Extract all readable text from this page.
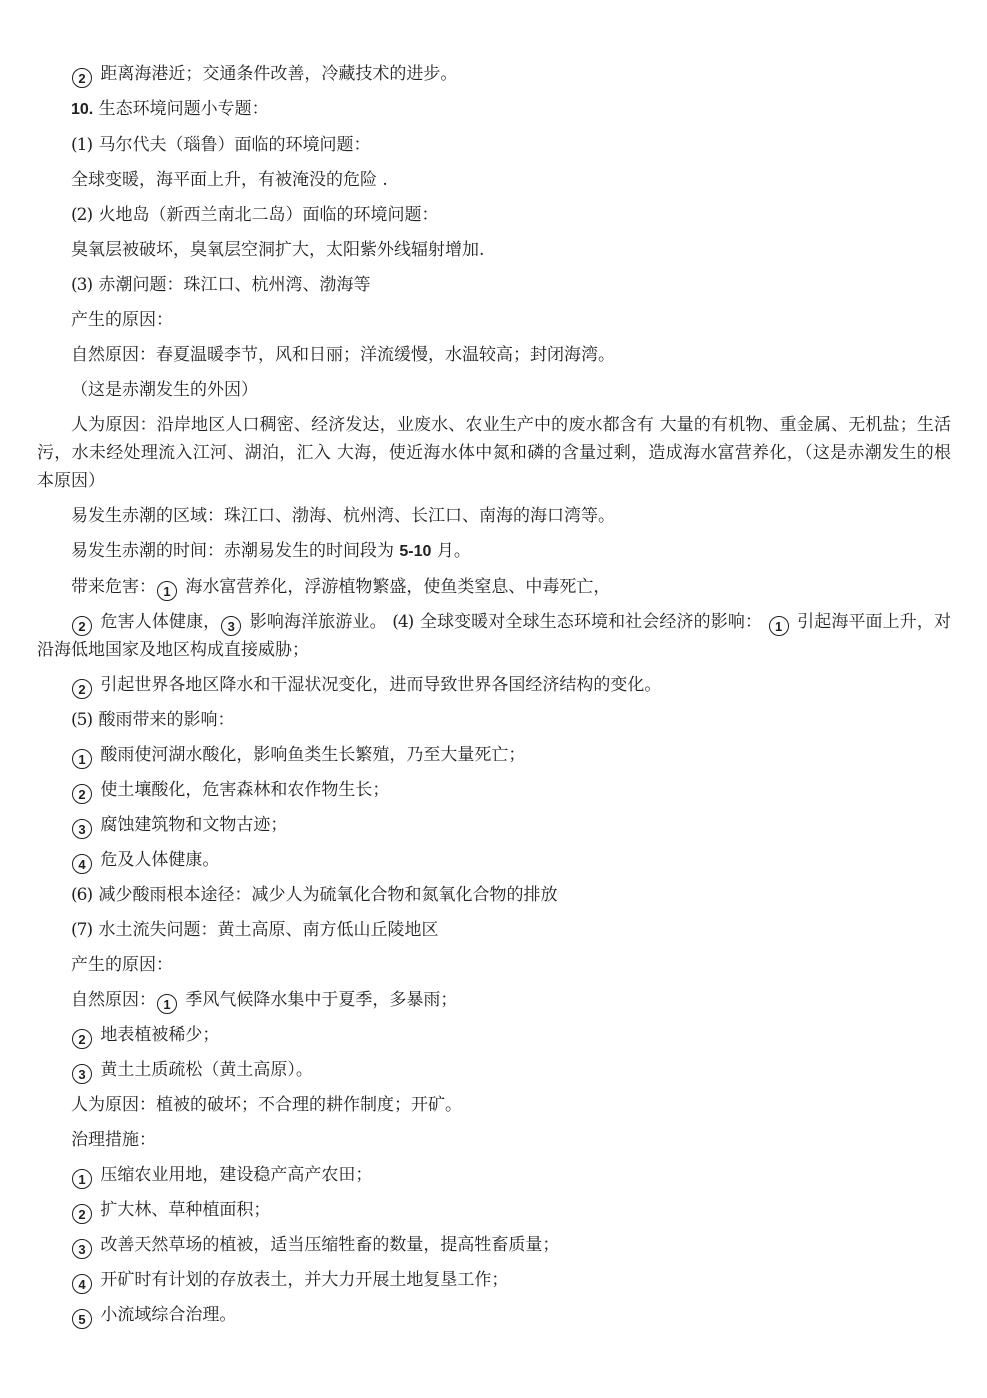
2 距离海港近；交通条件改善，冷藏技术的进步。

10. 生态环境问题小专题：

(1) 马尔代夫（瑙鲁）面临的环境问题：

全球变暖，海平面上升，有被淹没的危险 .

(2) 火地岛（新西兰南北二岛）面临的环境问题：

臭氧层被破坏，臭氧层空洞扩大，太阳紫外线辐射增加.

(3) 赤潮问题：珠江口、杭州湾、渤海等

产生的原因：

自然原因：春夏温暖李节，风和日丽；洋流缓慢，水温较高；封闭海湾。

（这是赤潮发生的外因）

人为原因：沿岸地区人口稠密、经济发达，业废水、农业生产中的废水都含有 大量的有机物、重金属、无机盐；生活污，水未经处理流入江河、湖泊，汇入 大海，使近海水体中氮和磷的含量过剩，造成海水富营养化，（这是赤潮发生的根本原因）

易发生赤潮的区域：珠江口、渤海、杭州湾、长江口、南海的海口湾等。

易发生赤潮的时间：赤潮易发生的时间段为 5-10 月。

带来危害： 1 海水富营养化，浮游植物繁盛，使鱼类窒息、中毒死亡，

2 危害人体健康， 3 影响海洋旅游业。 (4) 全球变暖对全球生态环境和社会经济的影响： 1 引起海平面上升，对沿海低地国家及地区构成直接威胁；

2 引起世界各地区降水和干湿状况变化，进而导致世界各国经济结构的变化。

(5) 酸雨带来的影响：

1 酸雨使河湖水酸化，影响鱼类生长繁殖，乃至大量死亡；

2 使土壤酸化，危害森林和农作物生长；

3 腐蚀建筑物和文物古迹；

4 危及人体健康。

(6) 减少酸雨根本途径：减少人为硫氧化合物和氮氧化合物的排放

(7) 水土流失问题：黄土高原、南方低山丘陵地区

产生的原因：

自然原因： 1 季风气候降水集中于夏季，多暴雨；

2 地表植被稀少；

3 黄土土质疏松（黄土高原）。

人为原因：植被的破坏；不合理的耕作制度；开矿。

治理措施：

1 压缩农业用地，建设稳产高产农田；

2 扩大林、草种植面积；

3 改善天然草场的植被，适当压缩牲畜的数量，提高牲畜质量；

4 开矿时有计划的存放表土，并大力开展土地复垦工作；

5 小流域综合治理。
